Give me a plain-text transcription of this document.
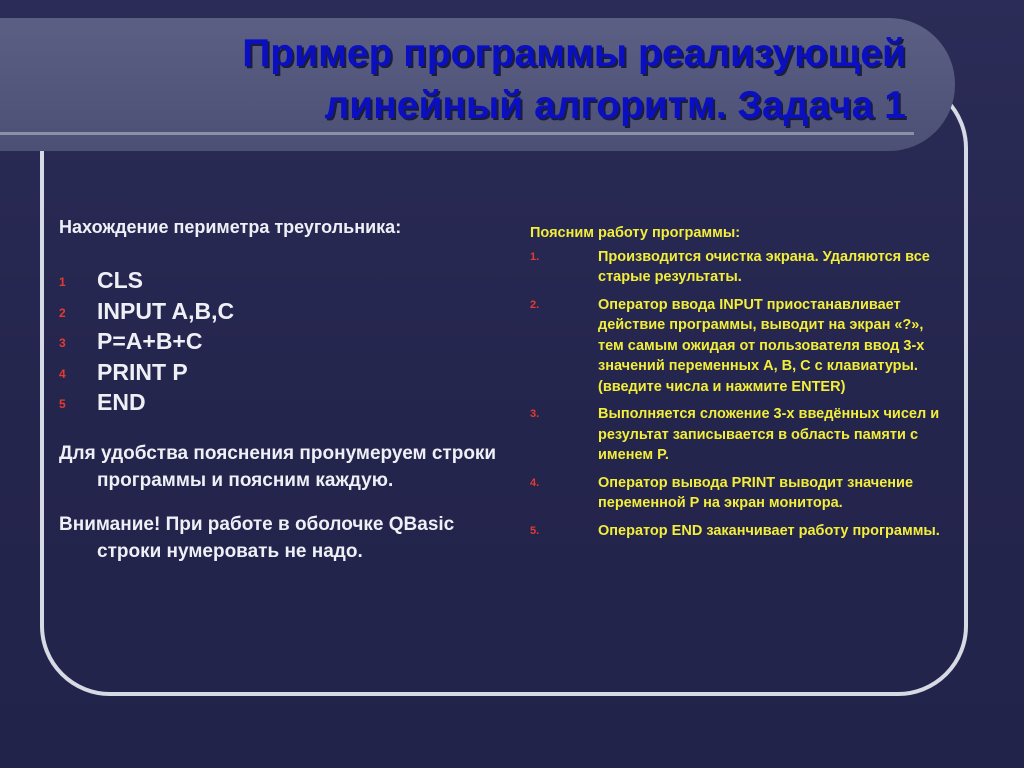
Пример программы реализующей
линейный алгоритм. Задача 1
Нахождение периметра треугольника:
1 CLS
2 INPUT A,B,C
3 P=A+B+C
4 PRINT P
5 END
Для удобства пояснения пронумеруем строки программы и поясним каждую.
Внимание! При работе в оболочке QBasic строки нумеровать не надо.
Поясним работу программы:
1.	Производится очистка экрана. Удаляются все старые результаты.
2.	Оператор ввода INPUT приостанавливает действие программы, выводит на экран «?», тем самым ожидая от пользователя ввод 3-х значений переменных A, B, C с клавиатуры.
(введите числа и нажмите ENTER)
3.	Выполняется сложение 3-х введённых чисел и результат записывается в область памяти с именем P.
4.	Оператор вывода PRINT выводит значение переменной P на экран монитора.
5.	Оператор END заканчивает работу программы.
